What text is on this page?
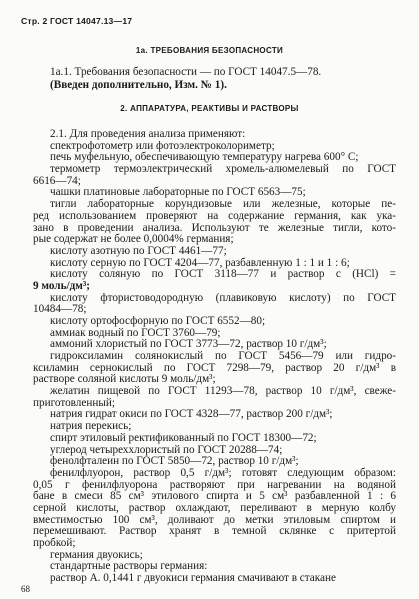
Стр. 2 ГОСТ 14047.13—17
1а. ТРЕБОВАНИЯ БЕЗОПАСНОСТИ
1а.1. Требования безопасности — по ГОСТ 14047.5—78.
(Введен дополнительно, Изм. № 1).
2. АППАРАТУРА, РЕАКТИВЫ И РАСТВОРЫ
2.1. Для проведения анализа применяют:
спектрофотометр или фотоэлектроколориметр;
печь муфельную, обеспечивающую температуру нагрева 600° С;
термометр термоэлектрический хромель-алюмелевый по ГОСТ
6616—74;
чашки платиновые лабораторные по ГОСТ 6563—75;
тигли лабораторные корундизовые или железные, которые пе-
ред использованием проверяют на содержание германия, как ука-
зано в проведении анализа. Используют те железные тигли, кото-
рые содержат не более 0,0004% германия;
кислоту азотную по ГОСТ 4461—77;
кислоту серную по ГОСТ 4204—77, разбавленную 1 : 1 и 1 : 6;
кислоту соляную по ГОСТ 3118—77 и раствор с (НСl) =
9 моль/дм³;
кислоту фтористоводородную (плавиковую кислоту) по ГОСТ
10484—78;
кислоту ортофосфорную по ГОСТ 6552—80;
аммиак водный по ГОСТ 3760—79;
аммоний хлористый по ГОСТ 3773—72, раствор 10 г/дм³;
гидроксиламин солянокислый по ГОСТ 5456—79 или гидро-
ксиламин сернокислый по ГОСТ 7298—79, раствор 20 г/дм³ в
растворе соляной кислоты 9 моль/дм³;
желатин пищевой по ГОСТ 11293—78, раствор 10 г/дм³, свеже-
приготовленный;
натрия гидрат окиси по ГОСТ 4328—77, раствор 200 г/дм³;
натрия перекись;
спирт этиловый ректификованный по ГОСТ 18300—72;
углерод четыреххлористый по ГОСТ 20288—74;
фенолфталеин по ГОСТ 5850—72, раствор 10 г/дм³;
фенилфлуорон, раствор 0,5 г/дм³; готовят следующим образом:
0,05 г фенилфлуорона растворяют при нагревании на водяной
бане в смеси 85 см³ этилового спирта и 5 см³ разбавленной 1 : 6
серной кислоты, раствор охлаждают, переливают в мерную колбу
вместимостью 100 см³, доливают до метки этиловым спиртом и
перемешивают. Раствор хранят в темной склянке с притертой
пробкой;
германия двуокись;
стандартные растворы германия:
раствор А. 0,1441 г двуокиси германия смачивают в стакане
68
